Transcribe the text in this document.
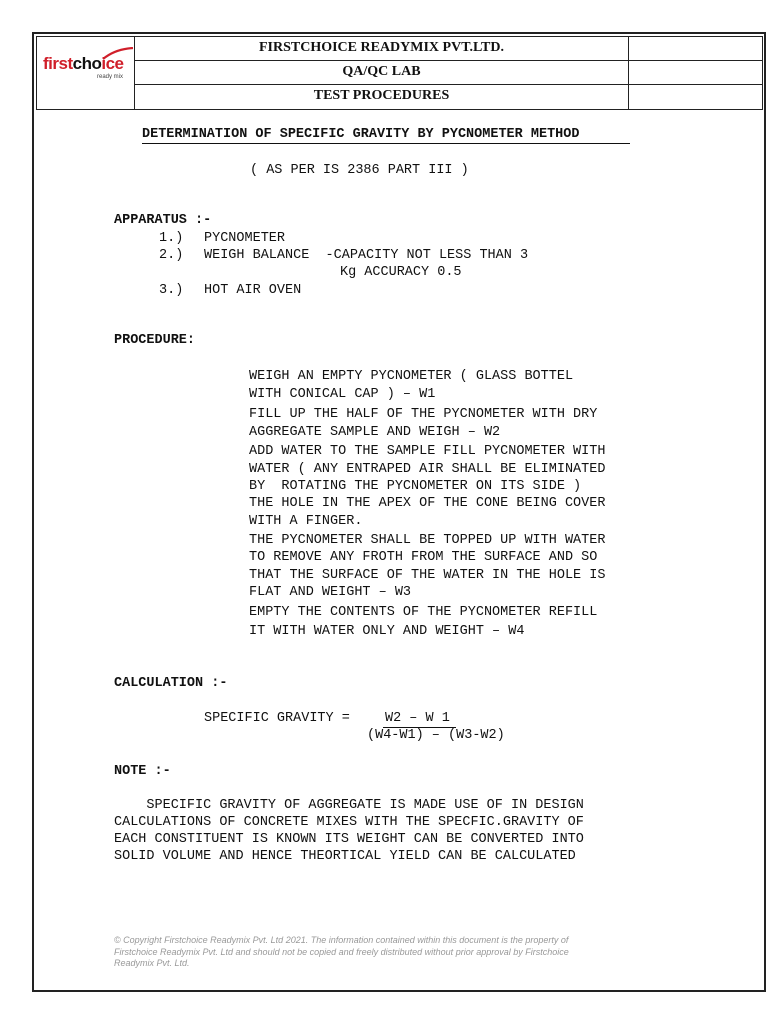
firstchoice
ready mix
FIRSTCHOICE READYMIX PVT.LTD.
QA/QC LAB
TEST PROCEDURES
DETERMINATION OF SPECIFIC GRAVITY BY PYCNOMETER METHOD
( AS PER IS 2386 PART III )
APPARATUS :-
1.) PYCNOMETER
2.) WEIGH BALANCE  -CAPACITY NOT LESS THAN 3
Kg ACCURACY 0.5
3.) HOT AIR OVEN
PROCEDURE:
WEIGH AN EMPTY PYCNOMETER ( GLASS BOTTEL
WITH CONICAL CAP ) – W1
FILL UP THE HALF OF THE PYCNOMETER WITH DRY
AGGREGATE SAMPLE AND WEIGH – W2
ADD WATER TO THE SAMPLE FILL PYCNOMETER WITH
WATER ( ANY ENTRAPED AIR SHALL BE ELIMINATED
BY  ROTATING THE PYCNOMETER ON ITS SIDE )
THE HOLE IN THE APEX OF THE CONE BEING COVER
WITH A FINGER.
THE PYCNOMETER SHALL BE TOPPED UP WITH WATER
TO REMOVE ANY FROTH FROM THE SURFACE AND SO
THAT THE SURFACE OF THE WATER IN THE HOLE IS
FLAT AND WEIGHT – W3
EMPTY THE CONTENTS OF THE PYCNOMETER REFILL
IT WITH WATER ONLY AND WEIGHT – W4
CALCULATION :-
SPECIFIC GRAVITY =	W2 – W 1
(W4-W1) – (W3-W2)
NOTE :-
SPECIFIC GRAVITY OF AGGREGATE IS MADE USE OF IN DESIGN
CALCULATIONS OF CONCRETE MIXES WITH THE SPECFIC.GRAVITY OF
EACH CONSTITUENT IS KNOWN ITS WEIGHT CAN BE CONVERTED INTO
SOLID VOLUME AND HENCE THEORTICAL YIELD CAN BE CALCULATED
© Copyright Firstchoice Readymix Pvt. Ltd 2021. The information contained within this document is the property of
Firstchoice Readymix Pvt. Ltd and should not be copied and freely distributed without prior approval by Firstchoice
Readymix Pvt. Ltd.
